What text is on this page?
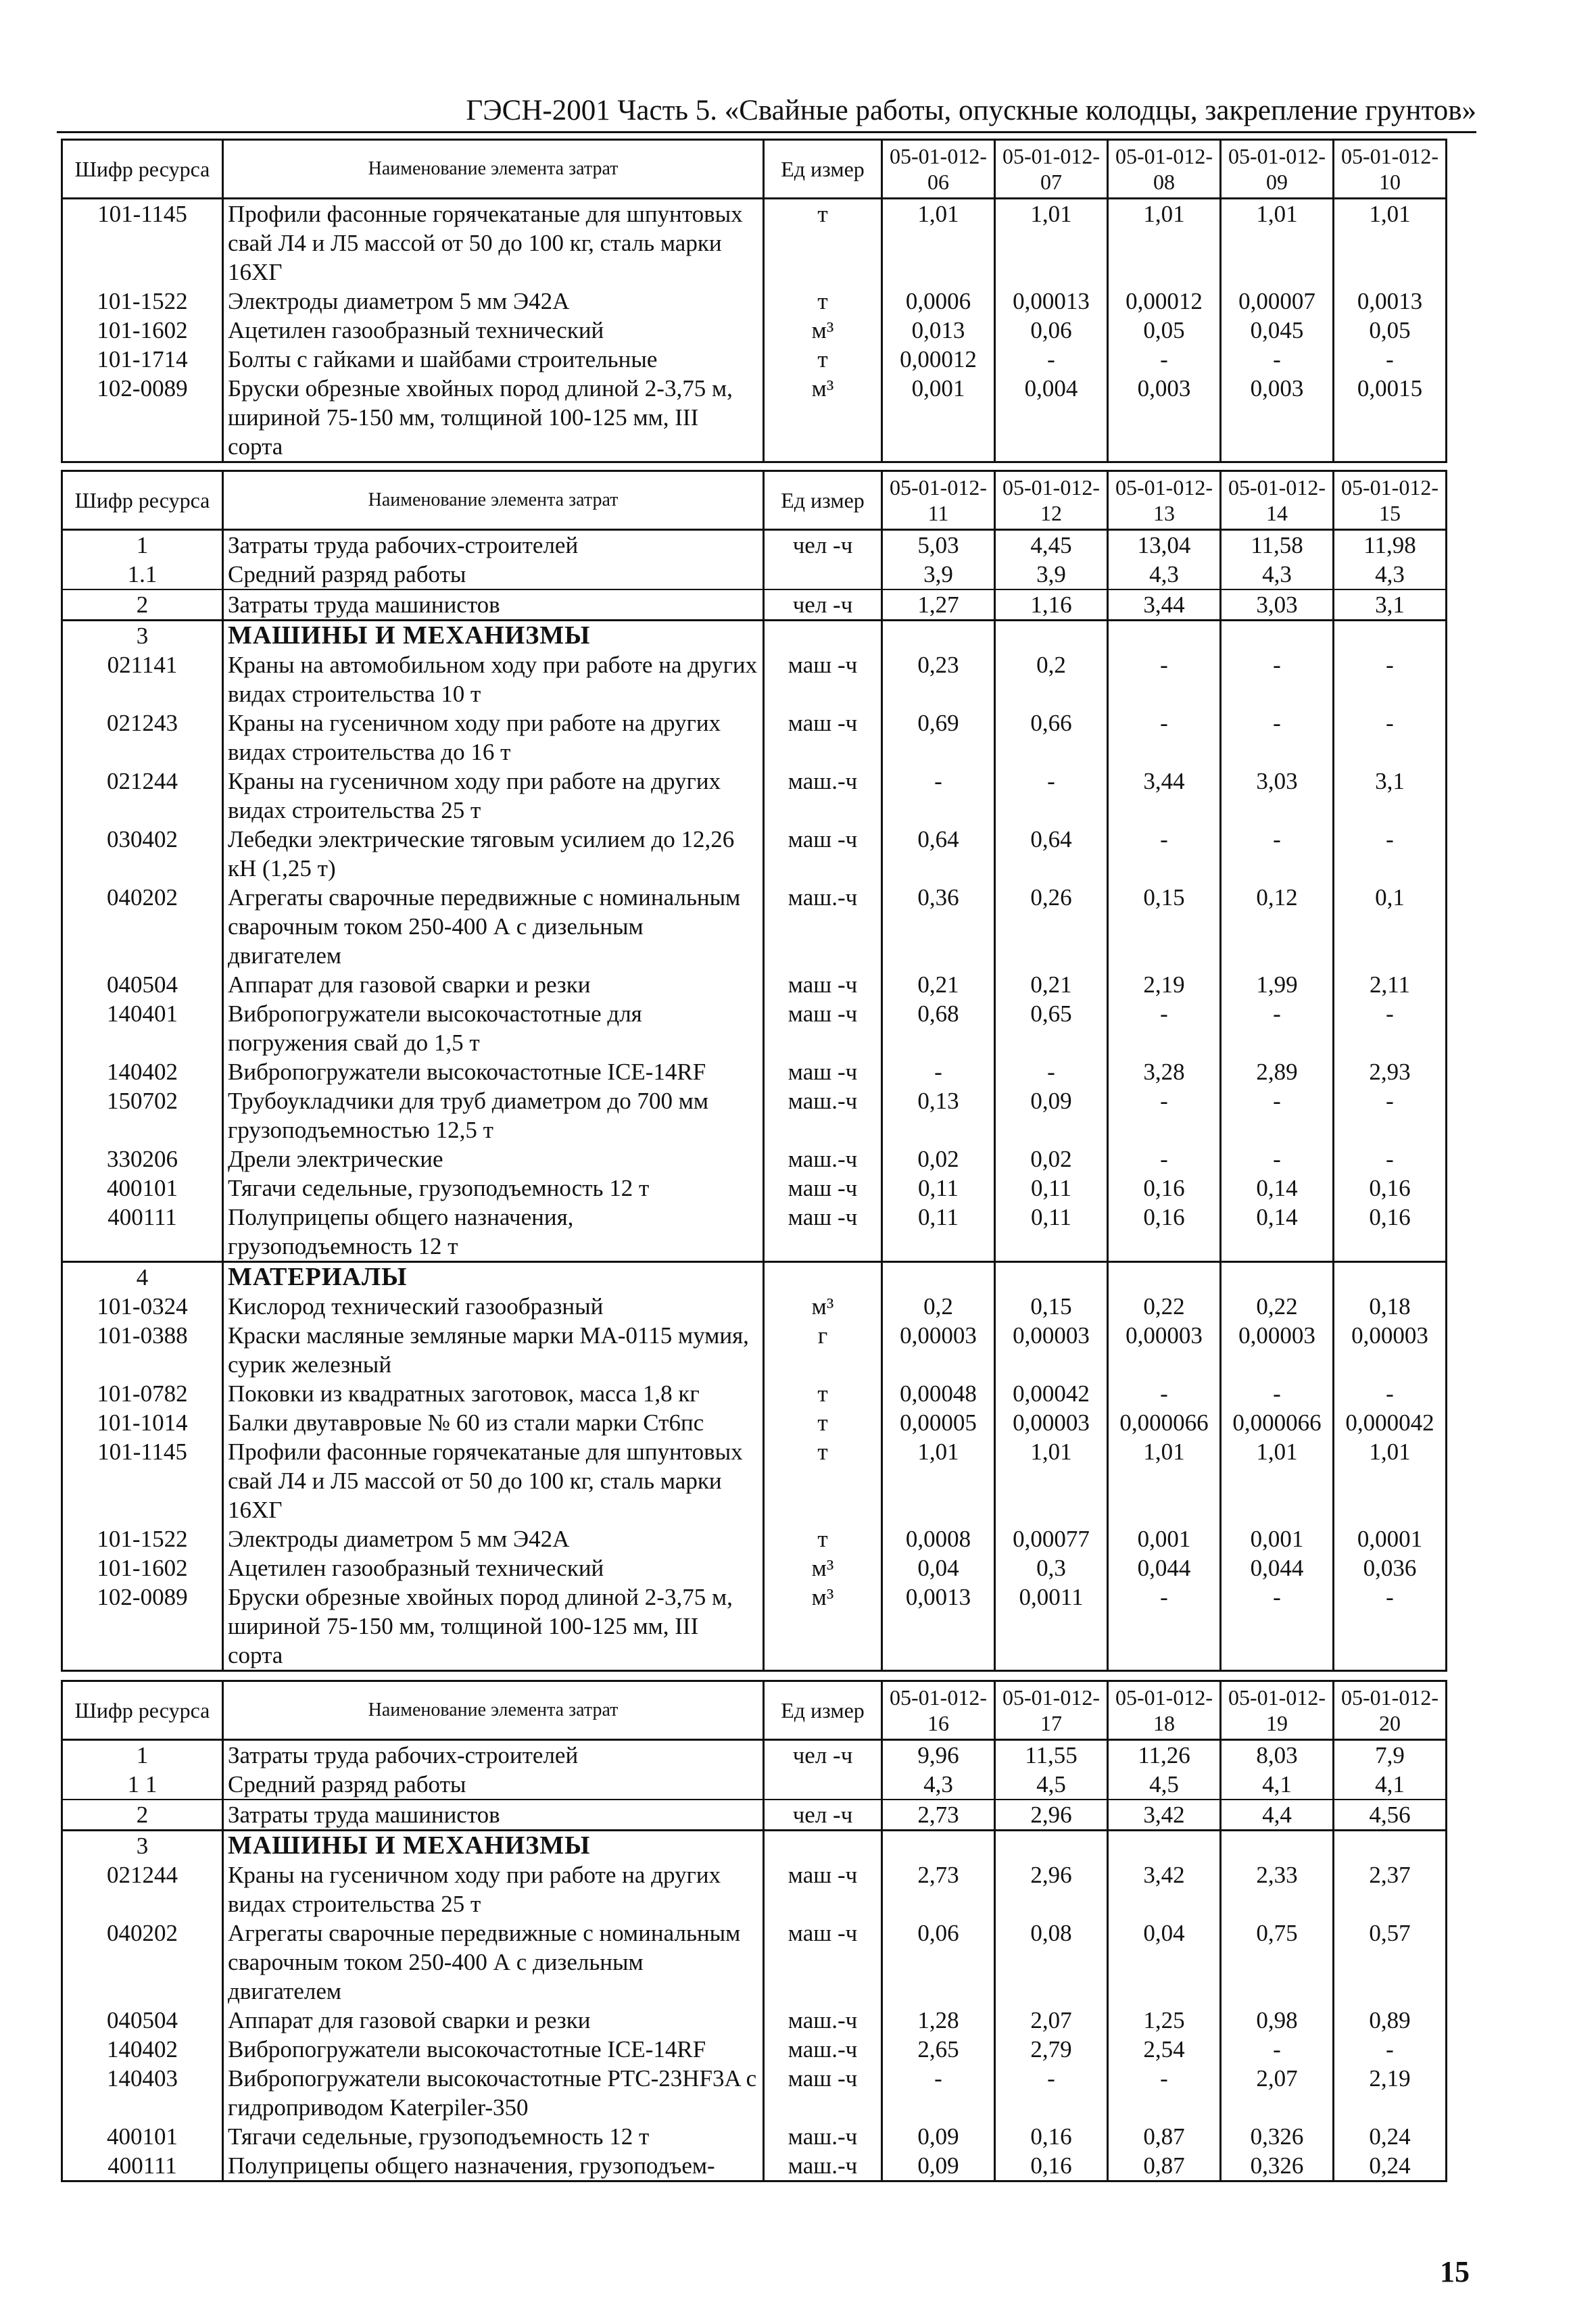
ГЭСН-2001 Часть 5. «Свайные работы, опускные колодцы, закрепление грунтов»
Шифр ресурса	Наименование элемента затрат	Ед измер	05-01-012-06	05-01-012-07	05-01-012-08	05-01-012-09	05-01-012-10
101-1145	Профили фасонные горячекатаные для шпунтовых свай Л4 и Л5 массой от 50 до 100 кг, сталь марки 16ХГ	т	1,01	1,01	1,01	1,01	1,01
101-1522	Электроды диаметром 5 мм Э42А	т	0,0006	0,00013	0,00012	0,00007	0,0013
101-1602	Ацетилен газообразный технический	м³	0,013	0,06	0,05	0,045	0,05
101-1714	Болты с гайками и шайбами строительные	т	0,00012	-	-	-	-
102-0089	Бруски обрезные хвойных пород длиной 2-3,75 м, шириной 75-150 мм, толщиной 100-125 мм, III сорта	м³	0,001	0,004	0,003	0,003	0,0015
Шифр ресурса	Наименование элемента затрат	Ед измер	05-01-012-11	05-01-012-12	05-01-012-13	05-01-012-14	05-01-012-15
1	Затраты труда рабочих-строителей	чел -ч	5,03	4,45	13,04	11,58	11,98
1.1	Средний разряд работы		3,9	3,9	4,3	4,3	4,3
2	Затраты труда машинистов	чел -ч	1,27	1,16	3,44	3,03	3,1
3	МАШИНЫ И МЕХАНИЗМЫ						
021141	Краны на автомобильном ходу при работе на других видах строительства 10 т	маш -ч	0,23	0,2	-	-	-
021243	Краны на гусеничном ходу при работе на других видах строительства до 16 т	маш -ч	0,69	0,66	-	-	-
021244	Краны на гусеничном ходу при работе на других видах строительства 25 т	маш.-ч	-	-	3,44	3,03	3,1
030402	Лебедки электрические тяговым усилием до 12,26 кН (1,25 т)	маш -ч	0,64	0,64	-	-	-
040202	Агрегаты сварочные передвижные с номинальным сварочным током 250-400 А с дизельным двигателем	маш.-ч	0,36	0,26	0,15	0,12	0,1
040504	Аппарат для газовой сварки и резки	маш -ч	0,21	0,21	2,19	1,99	2,11
140401	Вибропогружатели высокочастотные для погружения свай до 1,5 т	маш -ч	0,68	0,65	-	-	-
140402	Вибропогружатели высокочастотные ICE-14RF	маш -ч	-	-	3,28	2,89	2,93
150702	Трубоукладчики для труб диаметром до 700 мм грузоподъемностью 12,5 т	маш.-ч	0,13	0,09	-	-	-
330206	Дрели электрические	маш.-ч	0,02	0,02	-	-	-
400101	Тягачи седельные, грузоподъемность 12 т	маш -ч	0,11	0,11	0,16	0,14	0,16
400111	Полуприцепы общего назначения, грузоподъемность 12 т	маш -ч	0,11	0,11	0,16	0,14	0,16
4	МАТЕРИАЛЫ						
101-0324	Кислород технический газообразный	м³	0,2	0,15	0,22	0,22	0,18
101-0388	Краски масляные земляные марки МА-0115 мумия, сурик железный	г	0,00003	0,00003	0,00003	0,00003	0,00003
101-0782	Поковки из квадратных заготовок, масса 1,8 кг	т	0,00048	0,00042	-	-	-
101-1014	Балки двутавровые № 60 из стали марки Ст6пс	т	0,00005	0,00003	0,000066	0,000066	0,000042
101-1145	Профили фасонные горячекатаные для шпунтовых свай Л4 и Л5 массой от 50 до 100 кг, сталь марки 16ХГ	т	1,01	1,01	1,01	1,01	1,01
101-1522	Электроды диаметром 5 мм Э42А	т	0,0008	0,00077	0,001	0,001	0,0001
101-1602	Ацетилен газообразный технический	м³	0,04	0,3	0,044	0,044	0,036
102-0089	Бруски обрезные хвойных пород длиной 2-3,75 м, шириной 75-150 мм, толщиной 100-125 мм, III сорта	м³	0,0013	0,0011	-	-	-
Шифр ресурса	Наименование элемента затрат	Ед измер	05-01-012-16	05-01-012-17	05-01-012-18	05-01-012-19	05-01-012-20
1	Затраты труда рабочих-строителей	чел -ч	9,96	11,55	11,26	8,03	7,9
1 1	Средний разряд работы		4,3	4,5	4,5	4,1	4,1
2	Затраты труда машинистов	чел -ч	2,73	2,96	3,42	4,4	4,56
3	МАШИНЫ И МЕХАНИЗМЫ						
021244	Краны на гусеничном ходу при работе на других видах строительства 25 т	маш -ч	2,73	2,96	3,42	2,33	2,37
040202	Агрегаты сварочные передвижные с номинальным сварочным током 250-400 А с дизельным двигателем	маш -ч	0,06	0,08	0,04	0,75	0,57
040504	Аппарат для газовой сварки и резки	маш.-ч	1,28	2,07	1,25	0,98	0,89
140402	Вибропогружатели высокочастотные ICE-14RF	маш.-ч	2,65	2,79	2,54	-	-
140403	Вибропогружатели высокочастотные PTC-23HF3A с гидроприводом Katerpiler-350	маш -ч	-	-	-	2,07	2,19
400101	Тягачи седельные, грузоподъемность 12 т	маш.-ч	0,09	0,16	0,87	0,326	0,24
400111	Полуприцепы общего назначения, грузоподъем-	маш.-ч	0,09	0,16	0,87	0,326	0,24
15
